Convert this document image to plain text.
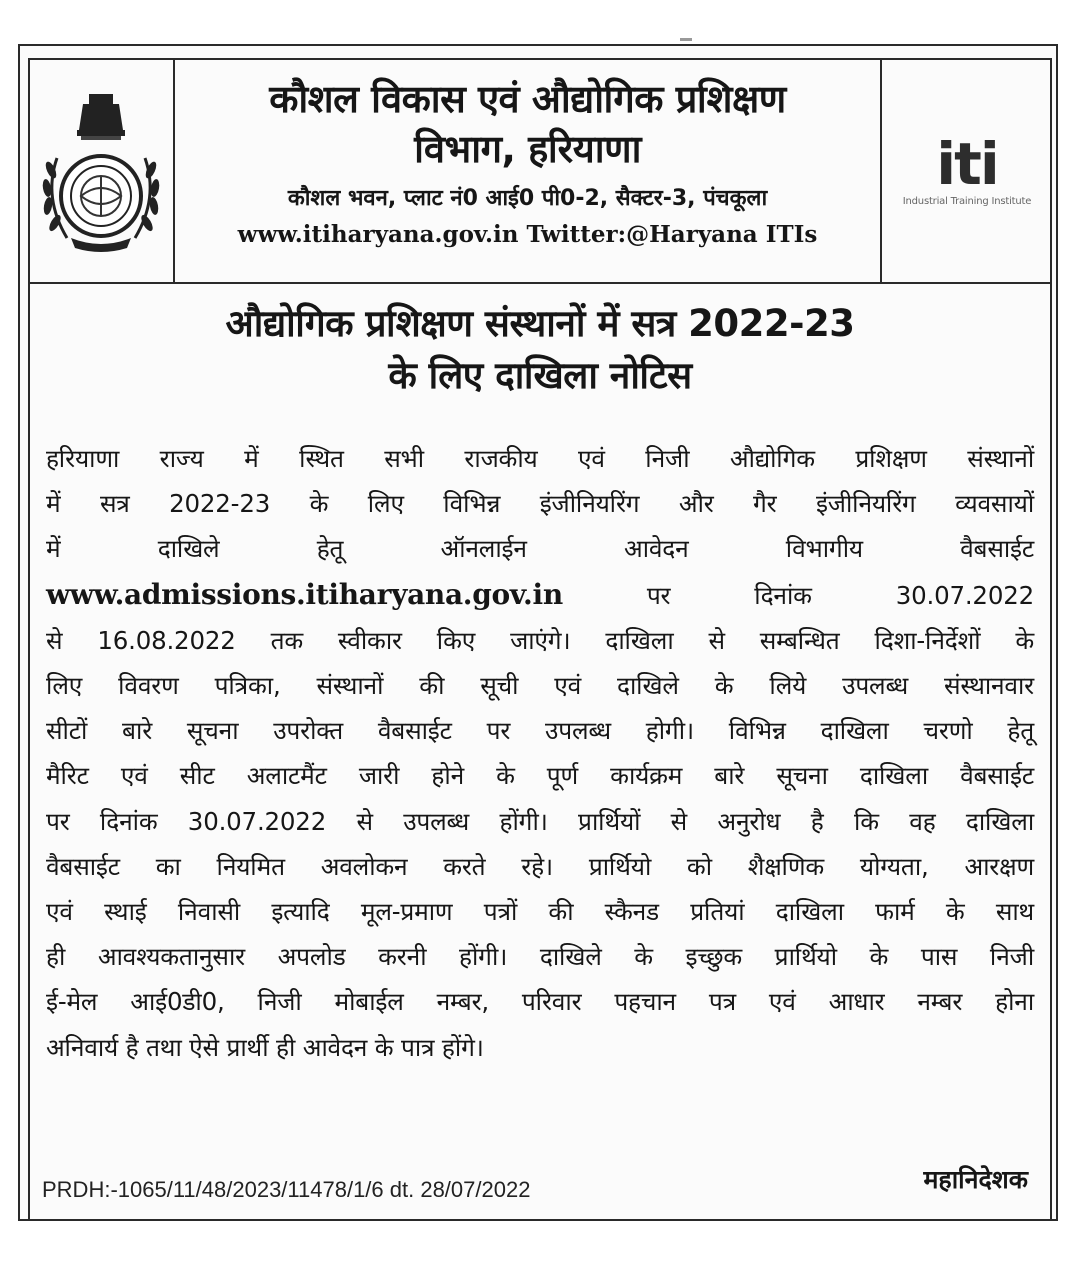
कौशल विकास एवं औद्योगिक प्रशिक्षण
विभाग, हरियाणा
कौशल भवन, प्लाट नं0 आई0 पी0-2, सैक्टर-3, पंचकूला
www.itiharyana.gov.in Twitter:@Haryana ITIs
iti
Industrial Training Institute
औद्योगिक प्रशिक्षण संस्थानों में सत्र 2022-23
के लिए दाखिला नोटिस
हरियाणा राज्य में स्थित सभी राजकीय एवं निजी औद्योगिक प्रशिक्षण संस्थानों
में सत्र 2022-23 के लिए विभिन्न इंजीनियरिंग और गैर इंजीनियरिंग व्यवसायों
में दाखिले हेतू ऑनलाईन आवेदन विभागीय वैबसाईट
www.admissions.itiharyana.gov.in	पर दिनांक 30.07.2022
से 16.08.2022 तक स्वीकार किए जाएंगे। दाखिला से सम्बन्धित दिशा-निर्देशों के
लिए विवरण पत्रिका, संस्थानों की सूची एवं दाखिले के लिये उपलब्ध संस्थानवार
सीटों बारे सूचना उपरोक्त वैबसाईट पर उपलब्ध होगी। विभिन्न दाखिला चरणो हेतू
मैरिट एवं सीट अलाटमैंट जारी होने के पूर्ण कार्यक्रम बारे सूचना दाखिला वैबसाईट
पर दिनांक 30.07.2022 से उपलब्ध होंगी। प्रार्थियों से अनुरोध है कि वह दाखिला
वैबसाईट का नियमित अवलोकन करते रहे। प्रार्थियो को शैक्षणिक योग्यता, आरक्षण
एवं स्थाई निवासी इत्यादि मूल-प्रमाण पत्रों की स्कैनड प्रतियां दाखिला फार्म के साथ
ही आवश्यकतानुसार अपलोड करनी होंगी। दाखिले के इच्छुक प्रार्थियो के पास निजी
ई-मेल आई0डी0, निजी मोबाईल नम्बर, परिवार पहचान पत्र एवं आधार नम्बर होना
अनिवार्य है तथा ऐसे प्रार्थी ही आवेदन के पात्र होंगे।
महानिदेशक
PRDH:-1065/11/48/2023/11478/1/6 dt. 28/07/2022
